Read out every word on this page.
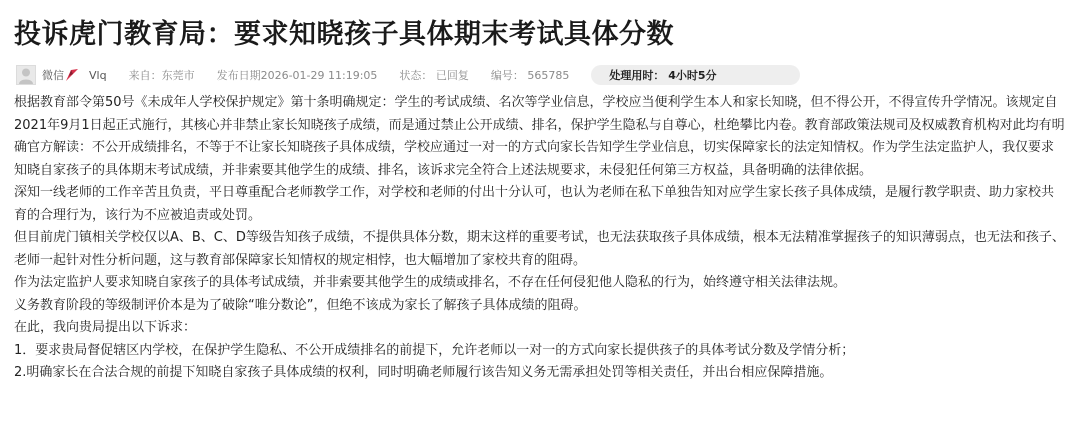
投诉虎门教育局：要求知晓孩子具体期末考试具体分数
微信 Vlq 来自：东莞市 发布日期2026-01-29 11:19:05 状态： 已回复 编号： 565785	处理用时： 4小时5分

根据教育部令第50号《未成年人学校保护规定》第十条明确规定：学生的考试成绩、名次等学业信息，学校应当便利学生本人和家长知晓，但不得公开，不得宣传升学情况。该规定自2021年9月1日起正式施行，其核心并非禁止家长知晓孩子成绩，而是通过禁止公开成绩、排名，保护学生隐私与自尊心，杜绝攀比内卷。教育部政策法规司及权威教育机构对此均有明确官方解读：不公开成绩排名，不等于不让家长知晓孩子具体成绩，学校应通过一对一的方式向家长告知学生学业信息，切实保障家长的法定知情权。作为学生法定监护人，我仅要求知晓自家孩子的具体期末考试成绩，并非索要其他学生的成绩、排名，该诉求完全符合上述法规要求，未侵犯任何第三方权益，具备明确的法律依据。

深知一线老师的工作辛苦且负责，平日尊重配合老师教学工作，对学校和老师的付出十分认可，也认为老师在私下单独告知对应学生家长孩子具体成绩，是履行教学职责、助力家校共育的合理行为，该行为不应被追责或处罚。

但目前虎门镇相关学校仅以A、B、C、D等级告知孩子成绩，不提供具体分数，期末这样的重要考试，也无法获取孩子具体成绩，根本无法精准掌握孩子的知识薄弱点，也无法和孩子、老师一起针对性分析问题，这与教育部保障家长知情权的规定相悖，也大幅增加了家校共育的阻碍。

作为法定监护人要求知晓自家孩子的具体考试成绩，并非索要其他学生的成绩或排名，不存在任何侵犯他人隐私的行为，始终遵守相关法律法规。

义务教育阶段的等级制评价本是为了破除“唯分数论”，但绝不该成为家长了解孩子具体成绩的阻碍。

在此，我向贵局提出以下诉求：

1．要求贵局督促辖区内学校，在保护学生隐私、不公开成绩排名的前提下，允许老师以一对一的方式向家长提供孩子的具体考试分数及学情分析；

2.明确家长在合法合规的前提下知晓自家孩子具体成绩的权利，同时明确老师履行该告知义务无需承担处罚等相关责任，并出台相应保障措施。
